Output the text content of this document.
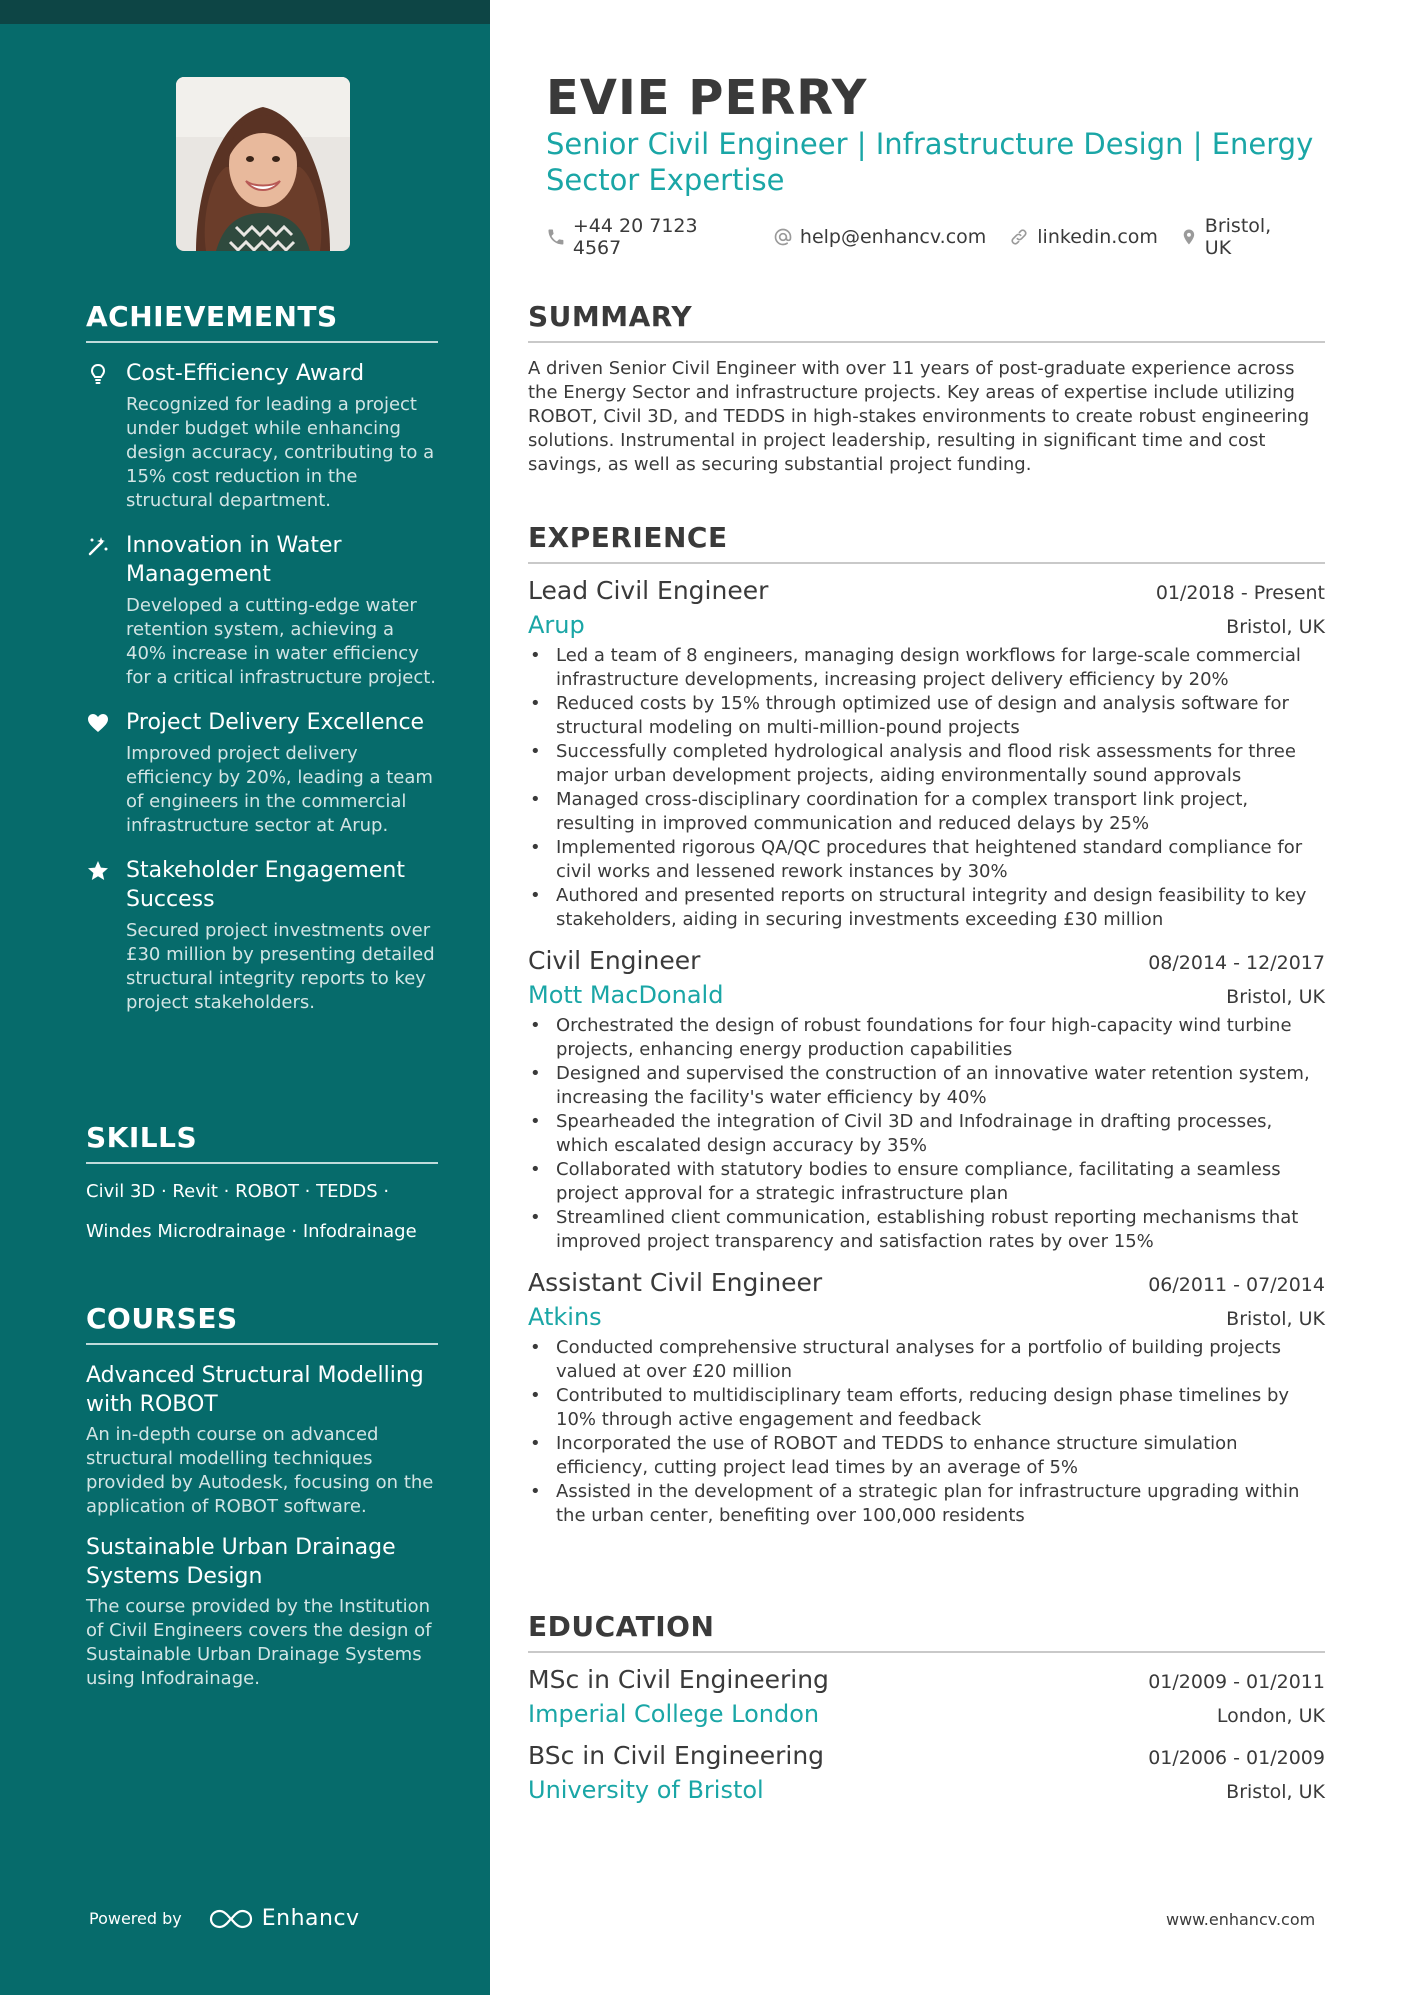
ACHIEVEMENTS
Cost-Efficiency Award
Recognized for leading a project under budget while enhancing design accuracy, contributing to a 15% cost reduction in the structural department.
Innovation in Water Management
Developed a cutting-edge water retention system, achieving a 40% increase in water efficiency for a critical infrastructure project.
Project Delivery Excellence
Improved project delivery efficiency by 20%, leading a team of engineers in the commercial infrastructure sector at Arup.
Stakeholder Engagement Success
Secured project investments over £30 million by presenting detailed structural integrity reports to key project stakeholders.
SKILLS
Civil 3D · Revit · ROBOT · TEDDS ·
Windes Microdrainage · Infodrainage
COURSES
Advanced Structural Modelling with ROBOT
An in-depth course on advanced structural modelling techniques provided by Autodesk, focusing on the application of ROBOT software.
Sustainable Urban Drainage Systems Design
The course provided by the Institution of Civil Engineers covers the design of Sustainable Urban Drainage Systems using Infodrainage.
Powered by	Enhancv
EVIE PERRY
Senior Civil Engineer | Infrastructure Design | Energy Sector Expertise
+44 20 7123 4567	help@enhancv.com	linkedin.com Bristol, UK
SUMMARY

A driven Senior Civil Engineer with over 11 years of post-graduate experience across the Energy Sector and infrastructure projects. Key areas of expertise include utilizing ROBOT, Civil 3D, and TEDDS in high-stakes environments to create robust engineering solutions. Instrumental in project leadership, resulting in significant time and cost savings, as well as securing substantial project funding.

EXPERIENCE
Lead Civil Engineer	01/2018 - Present
Arup	Bristol, UK
• Led a team of 8 engineers, managing design workflows for large-scale commercial infrastructure developments, increasing project delivery efficiency by 20%
• Reduced costs by 15% through optimized use of design and analysis software for structural modeling on multi-million-pound projects
• Successfully completed hydrological analysis and flood risk assessments for three major urban development projects, aiding environmentally sound approvals
• Managed cross-disciplinary coordination for a complex transport link project, resulting in improved communication and reduced delays by 25%
• Implemented rigorous QA/QC procedures that heightened standard compliance for civil works and lessened rework instances by 30%
• Authored and presented reports on structural integrity and design feasibility to key stakeholders, aiding in securing investments exceeding £30 million
Civil Engineer	08/2014 - 12/2017
Mott MacDonald	Bristol, UK
• Orchestrated the design of robust foundations for four high-capacity wind turbine projects, enhancing energy production capabilities
• Designed and supervised the construction of an innovative water retention system, increasing the facility's water efficiency by 40%
• Spearheaded the integration of Civil 3D and Infodrainage in drafting processes, which escalated design accuracy by 35%
• Collaborated with statutory bodies to ensure compliance, facilitating a seamless project approval for a strategic infrastructure plan
• Streamlined client communication, establishing robust reporting mechanisms that improved project transparency and satisfaction rates by over 15%
Assistant Civil Engineer	06/2011 - 07/2014
Atkins	Bristol, UK
• Conducted comprehensive structural analyses for a portfolio of building projects valued at over £20 million
• Contributed to multidisciplinary team efforts, reducing design phase timelines by 10% through active engagement and feedback
• Incorporated the use of ROBOT and TEDDS to enhance structure simulation efficiency, cutting project lead times by an average of 5%
• Assisted in the development of a strategic plan for infrastructure upgrading within the urban center, benefiting over 100,000 residents
EDUCATION
MSc in Civil Engineering	01/2009 - 01/2011
Imperial College London	London, UK
BSc in Civil Engineering	01/2006 - 01/2009
University of Bristol	Bristol, UK
www.enhancv.com
